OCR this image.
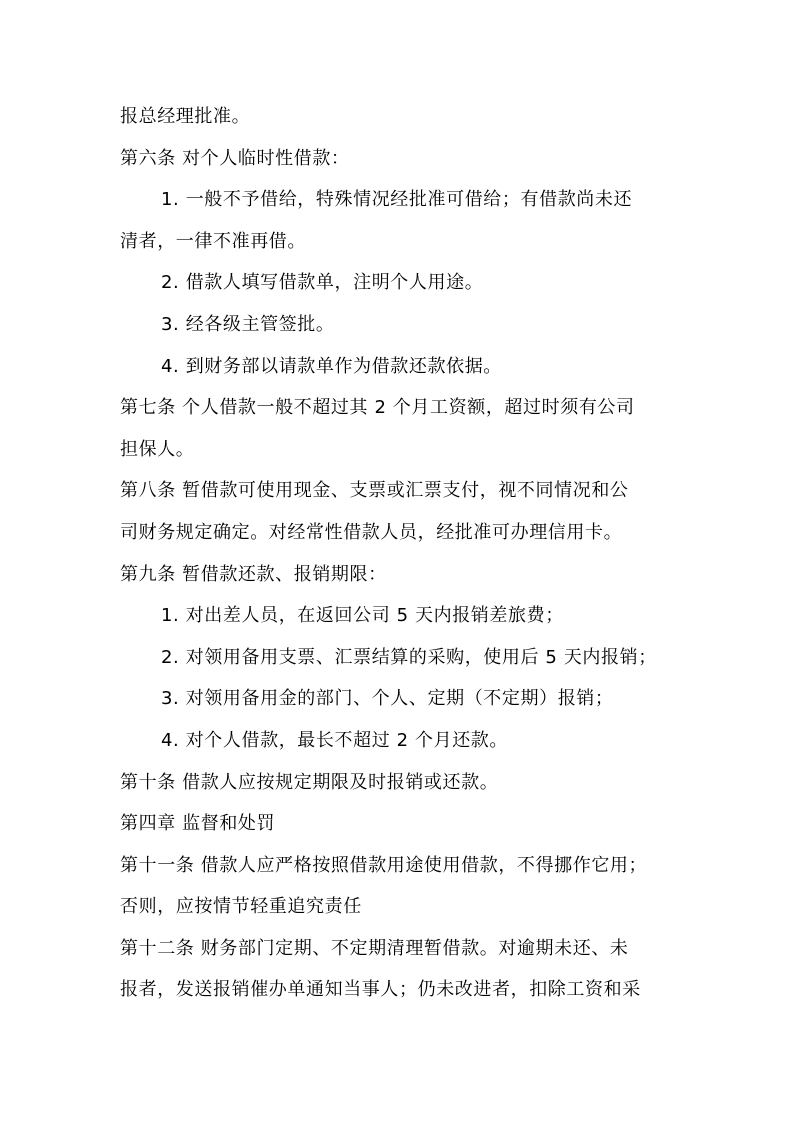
报总经理批准。
第六条 对个人临时性借款：
1. 一般不予借给，特殊情况经批准可借给；有借款尚未还
清者，一律不准再借。
2. 借款人填写借款单，注明个人用途。
3. 经各级主管签批。
4. 到财务部以请款单作为借款还款依据。
第七条 个人借款一般不超过其 2 个月工资额，超过时须有公司
担保人。
第八条 暂借款可使用现金、支票或汇票支付，视不同情况和公
司财务规定确定。对经常性借款人员，经批准可办理信用卡。
第九条 暂借款还款、报销期限：
1. 对出差人员，在返回公司 5 天内报销差旅费；
2. 对领用备用支票、汇票结算的采购，使用后 5 天内报销；
3. 对领用备用金的部门、个人、定期（不定期）报销；
4. 对个人借款，最长不超过 2 个月还款。
第十条 借款人应按规定期限及时报销或还款。
第四章 监督和处罚
第十一条 借款人应严格按照借款用途使用借款，不得挪作它用；
否则，应按情节轻重追究责任
第十二条 财务部门定期、不定期清理暂借款。对逾期未还、未
报者，发送报销催办单通知当事人；仍未改进者，扣除工资和采
